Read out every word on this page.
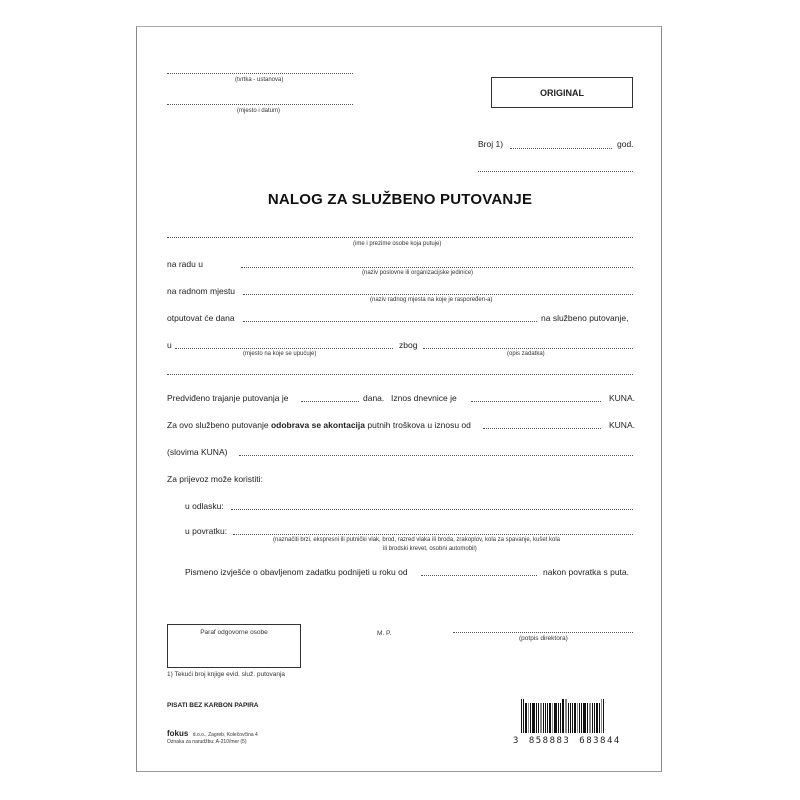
(tvrtka - ustanova)
(mjesto i datum)
ORIGINAL
Broj 1)	god.
NALOG ZA SLUŽBENO PUTOVANJE
(ime i prezime osobe koja putuje)
na radu u
(naziv poslovne ili organizacijske jedinice)
na radnom mjestu
(naziv radnog mjesta na koje je raspoređen-a)
otputovat će dana	na službeno putovanje,
u
(mjesto na koje se upućuje)
zbog
(opis zadatka)
Predviđeno trajanje putovanja je	dana. Iznos dnevnice je	KUNA.
Za ovo službeno putovanje odobrava se akontacija putnih troškova u iznosu od	KUNA.
(slovima KUNA)
Za prijevoz može koristiti:
u odlasku:
u povratku:
(naznačiti brzi, ekspresni ili putnički vlak, brod, razred vlaka ili broda, zrakoplov, kola za spavanje, kušet kola
ili brodski krevet, osobni automobil)
Pismeno izvješće o obavljenom zadatku podnijeti u roku od	nakon povratka s puta.
Paraf odgovorne osobe	M. P.
(potpis direktora)
1) Tekući broj knjige evid. služ. putovanja
PISATI BEZ KARBON PAPIRA
fokus d.o.o., Zagreb, Kolečovčina 4
Oznaka za narudžbu: A-210/mer (5)	3 858883 683844
